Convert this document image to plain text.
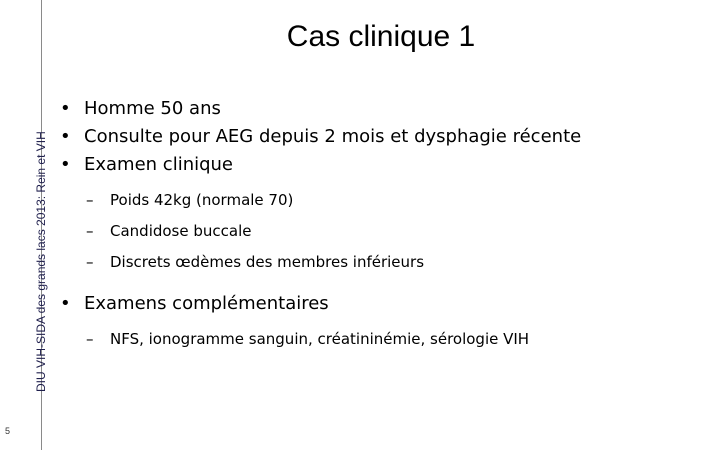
DIU VIH-SIDA des grands lacs 2013: Rein et VIH
5
Cas clinique 1
• Homme 50 ans
• Consulte pour AEG depuis 2 mois et dysphagie récente
• Examen clinique
– Poids 42kg (normale 70)
– Candidose buccale
– Discrets œdèmes des membres inférieurs
• Examens complémentaires
– NFS, ionogramme sanguin, créatininémie, sérologie VIH
